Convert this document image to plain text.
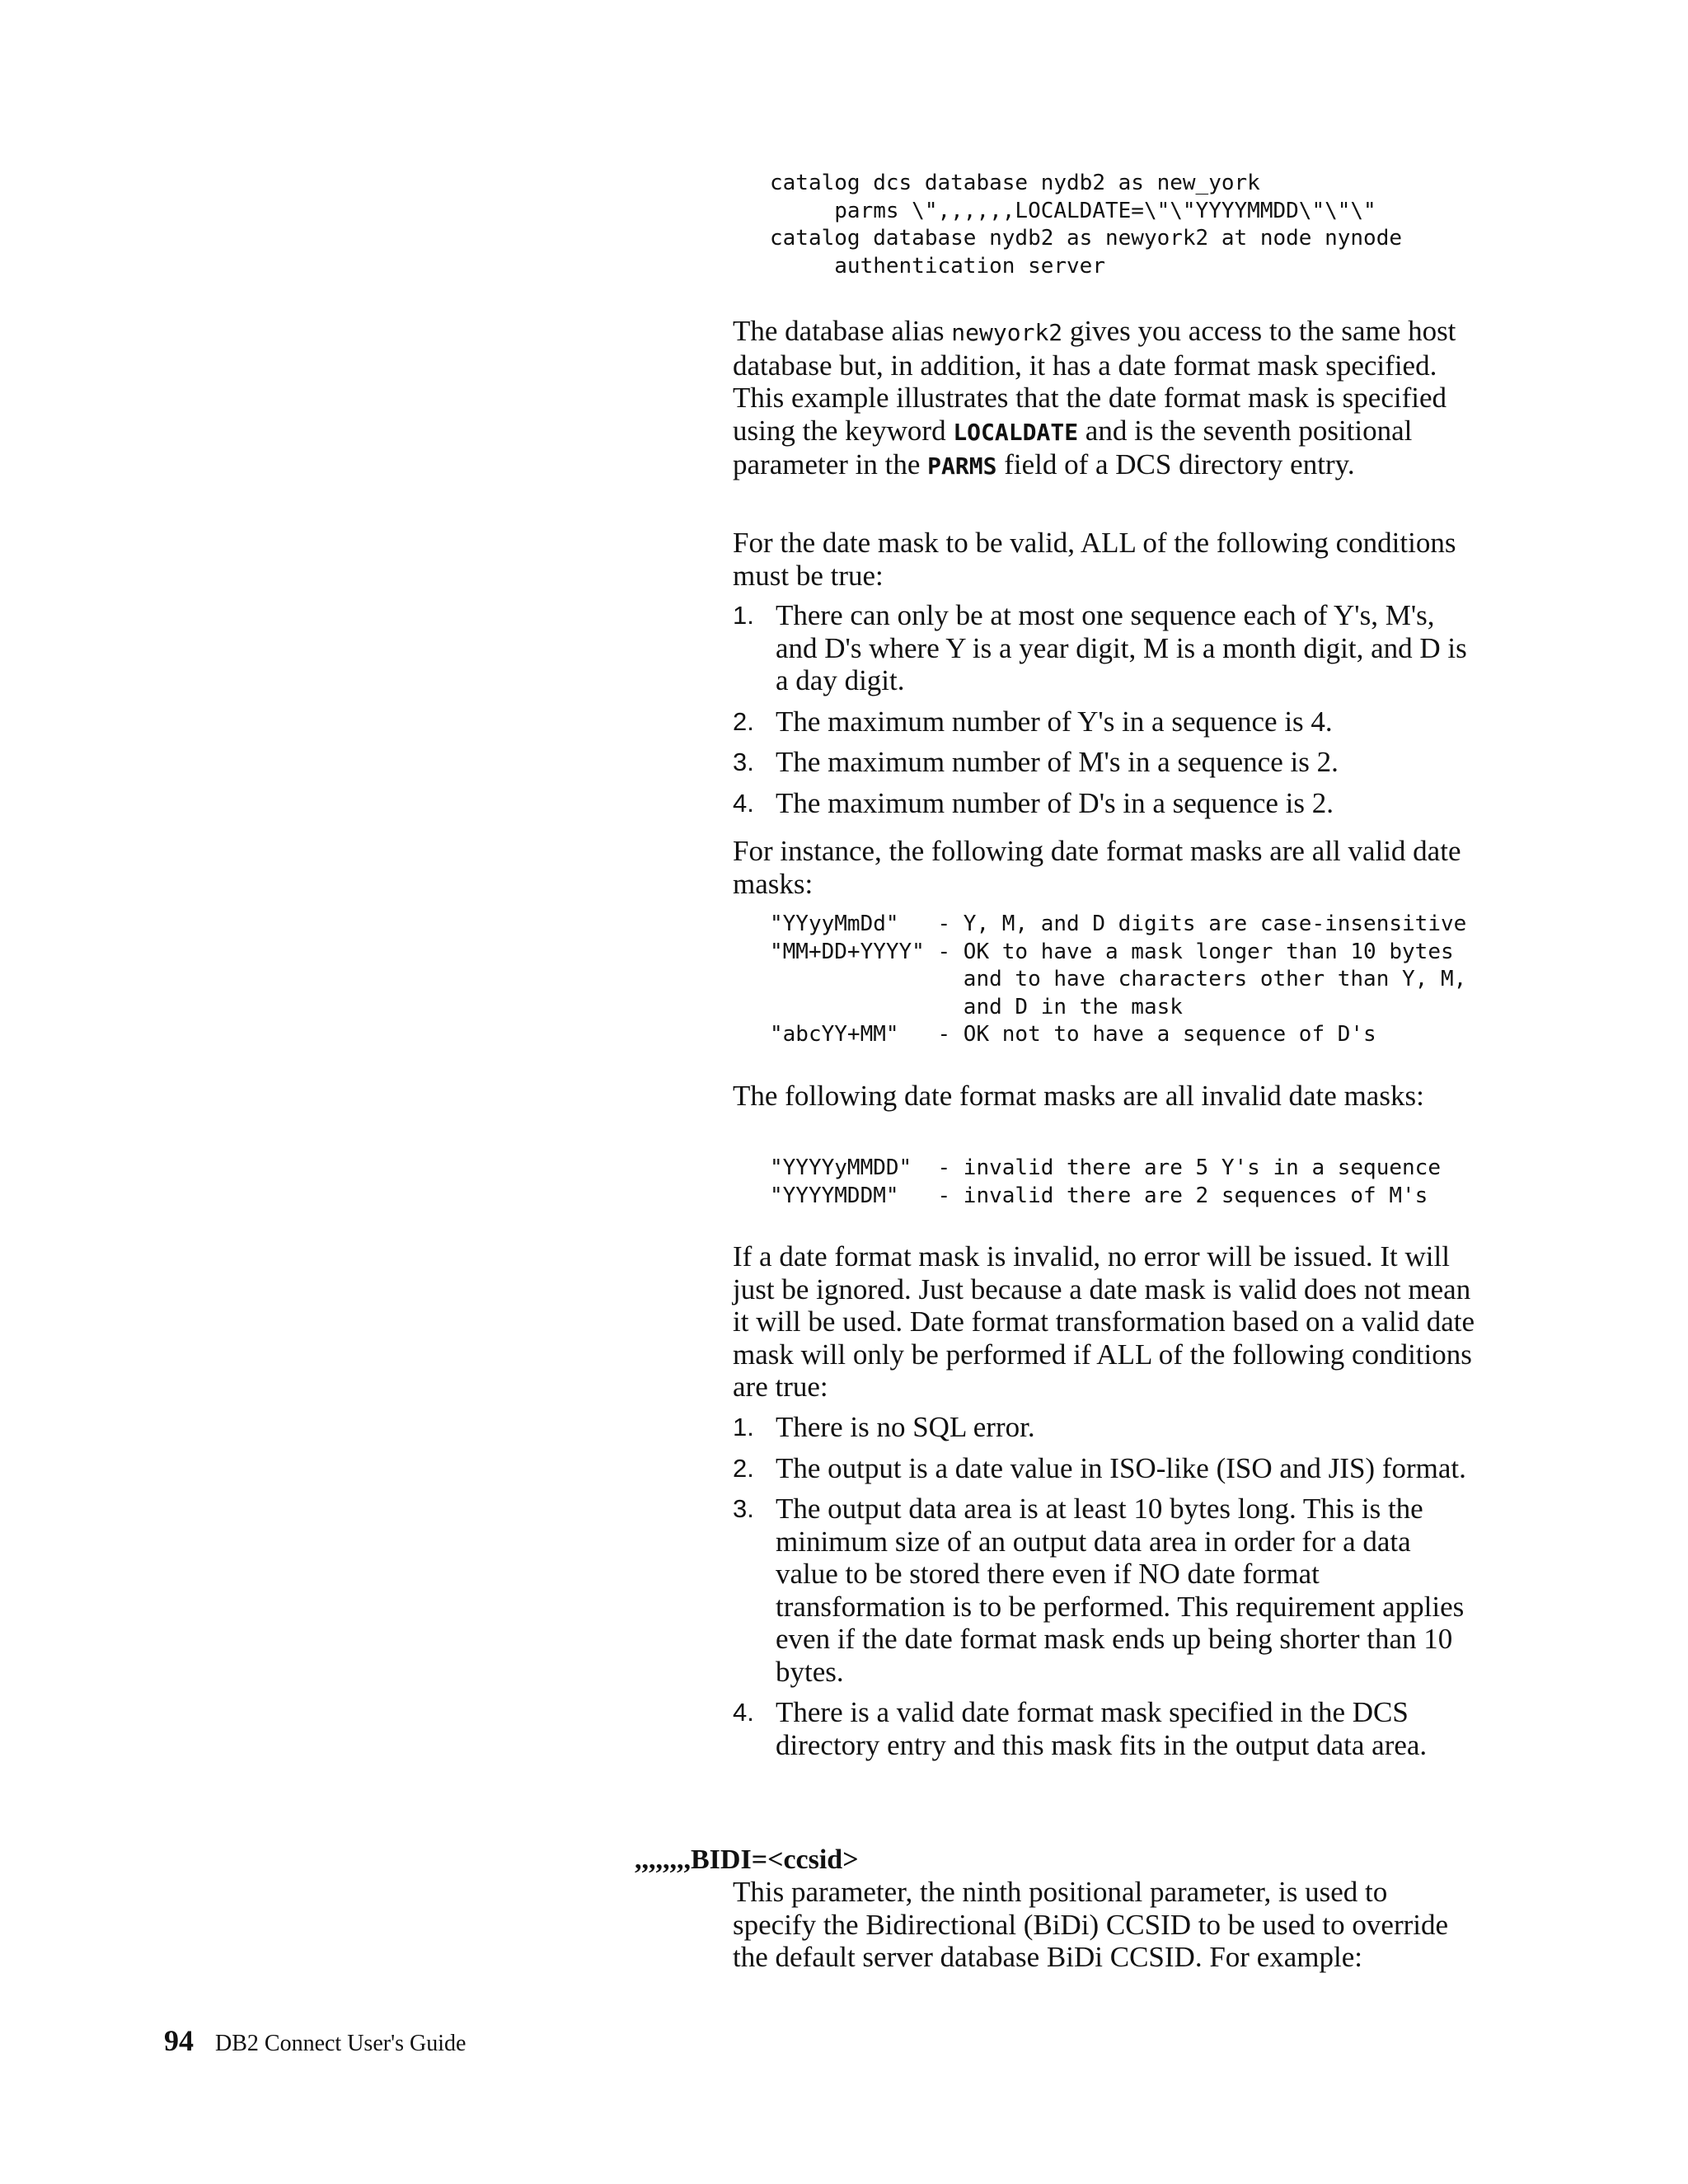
catalog dcs database nydb2 as new_york
parms \",,,,,,LOCALDATE=\"\"YYYYMMDD\"\"\"
catalog database nydb2 as newyork2 at node nynode
authentication server

The database alias newyork2 gives you access to the same host database but, in addition, it has a date format mask specified. This example illustrates that the date format mask is specified using the keyword LOCALDATE and is the seventh positional parameter in the PARMS field of a DCS directory entry.

For the date mask to be valid, ALL of the following conditions must be true:

1. There can only be at most one sequence each of Y's, M's, and D's where Y is a year digit, M is a month digit, and D is a day digit.
2. The maximum number of Y's in a sequence is 4.
3. The maximum number of M's in a sequence is 2.
4. The maximum number of D's in a sequence is 2.

For instance, the following date format masks are all valid date masks:

"YYyyMmDd"   - Y, M, and D digits are case-insensitive
"MM+DD+YYYY" - OK to have a mask longer than 10 bytes
and to have characters other than Y, M,
and D in the mask
"abcYY+MM"   - OK not to have a sequence of D's

The following date format masks are all invalid date masks:

"YYYYyMMDD"  - invalid there are 5 Y's in a sequence
"YYYYMDDM"   - invalid there are 2 sequences of M's

If a date format mask is invalid, no error will be issued. It will just be ignored. Just because a date mask is valid does not mean it will be used. Date format transformation based on a valid date mask will only be performed if ALL of the following conditions are true:

1. There is no SQL error.
2. The output is a date value in ISO-like (ISO and JIS) format.
3. The output data area is at least 10 bytes long. This is the minimum size of an output data area in order for a data value to be stored there even if NO date format transformation is to be performed. This requirement applies even if the date format mask ends up being shorter than 10 bytes.
4. There is a valid date format mask specified in the DCS directory entry and this mask fits in the output data area.
,,,,,,,,BIDI=<ccsid>

This parameter, the ninth positional parameter, is used to specify the Bidirectional (BiDi) CCSID to be used to override the default server database BiDi CCSID. For example:

94 DB2 Connect User's Guide
